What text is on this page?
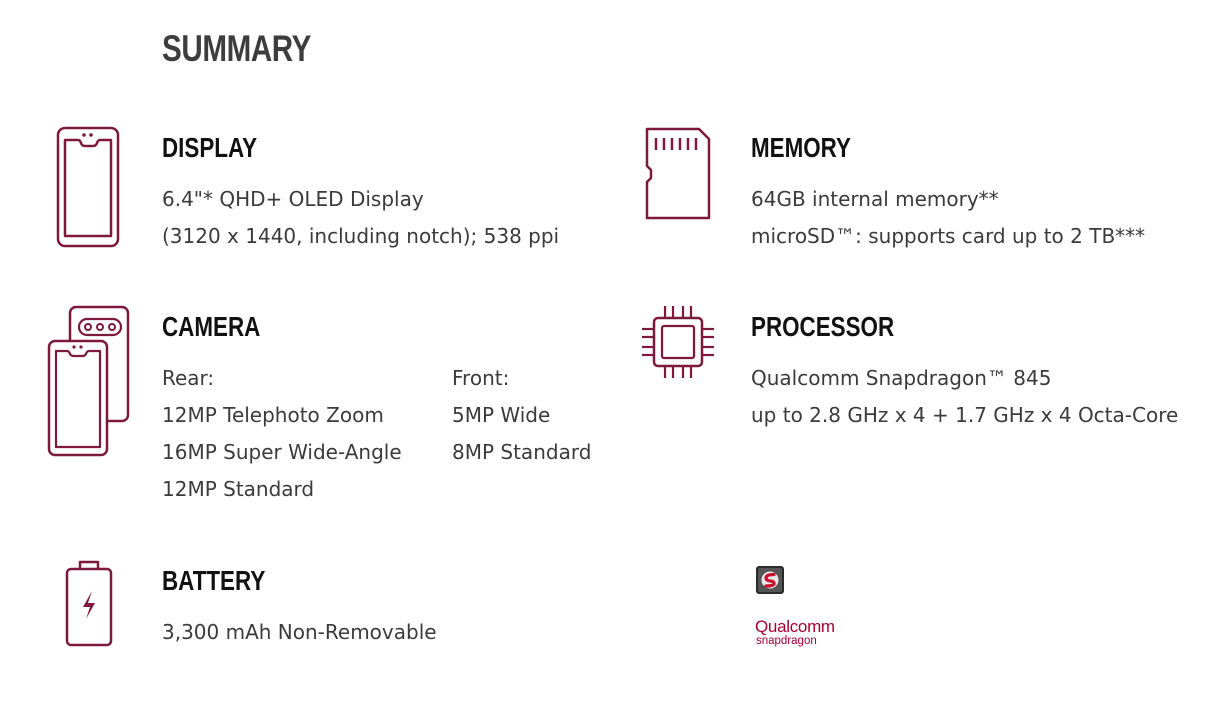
SUMMARY
DISPLAY

6.4"* QHD+ OLED Display

(3120 x 1440, including notch); 538 ppi

MEMORY

64GB internal memory**

microSD™: supports card up to 2 TB***

CAMERA

Rear:

12MP Telephoto Zoom

16MP Super Wide-Angle

12MP Standard

Front:

5MP Wide

8MP Standard

PROCESSOR

Qualcomm Snapdragon™ 845

up to 2.8 GHz x 4 + 1.7 GHz x 4 Octa-Core

BATTERY

3,300 mAh Non-Removable	Qualcomm

snapdragon
